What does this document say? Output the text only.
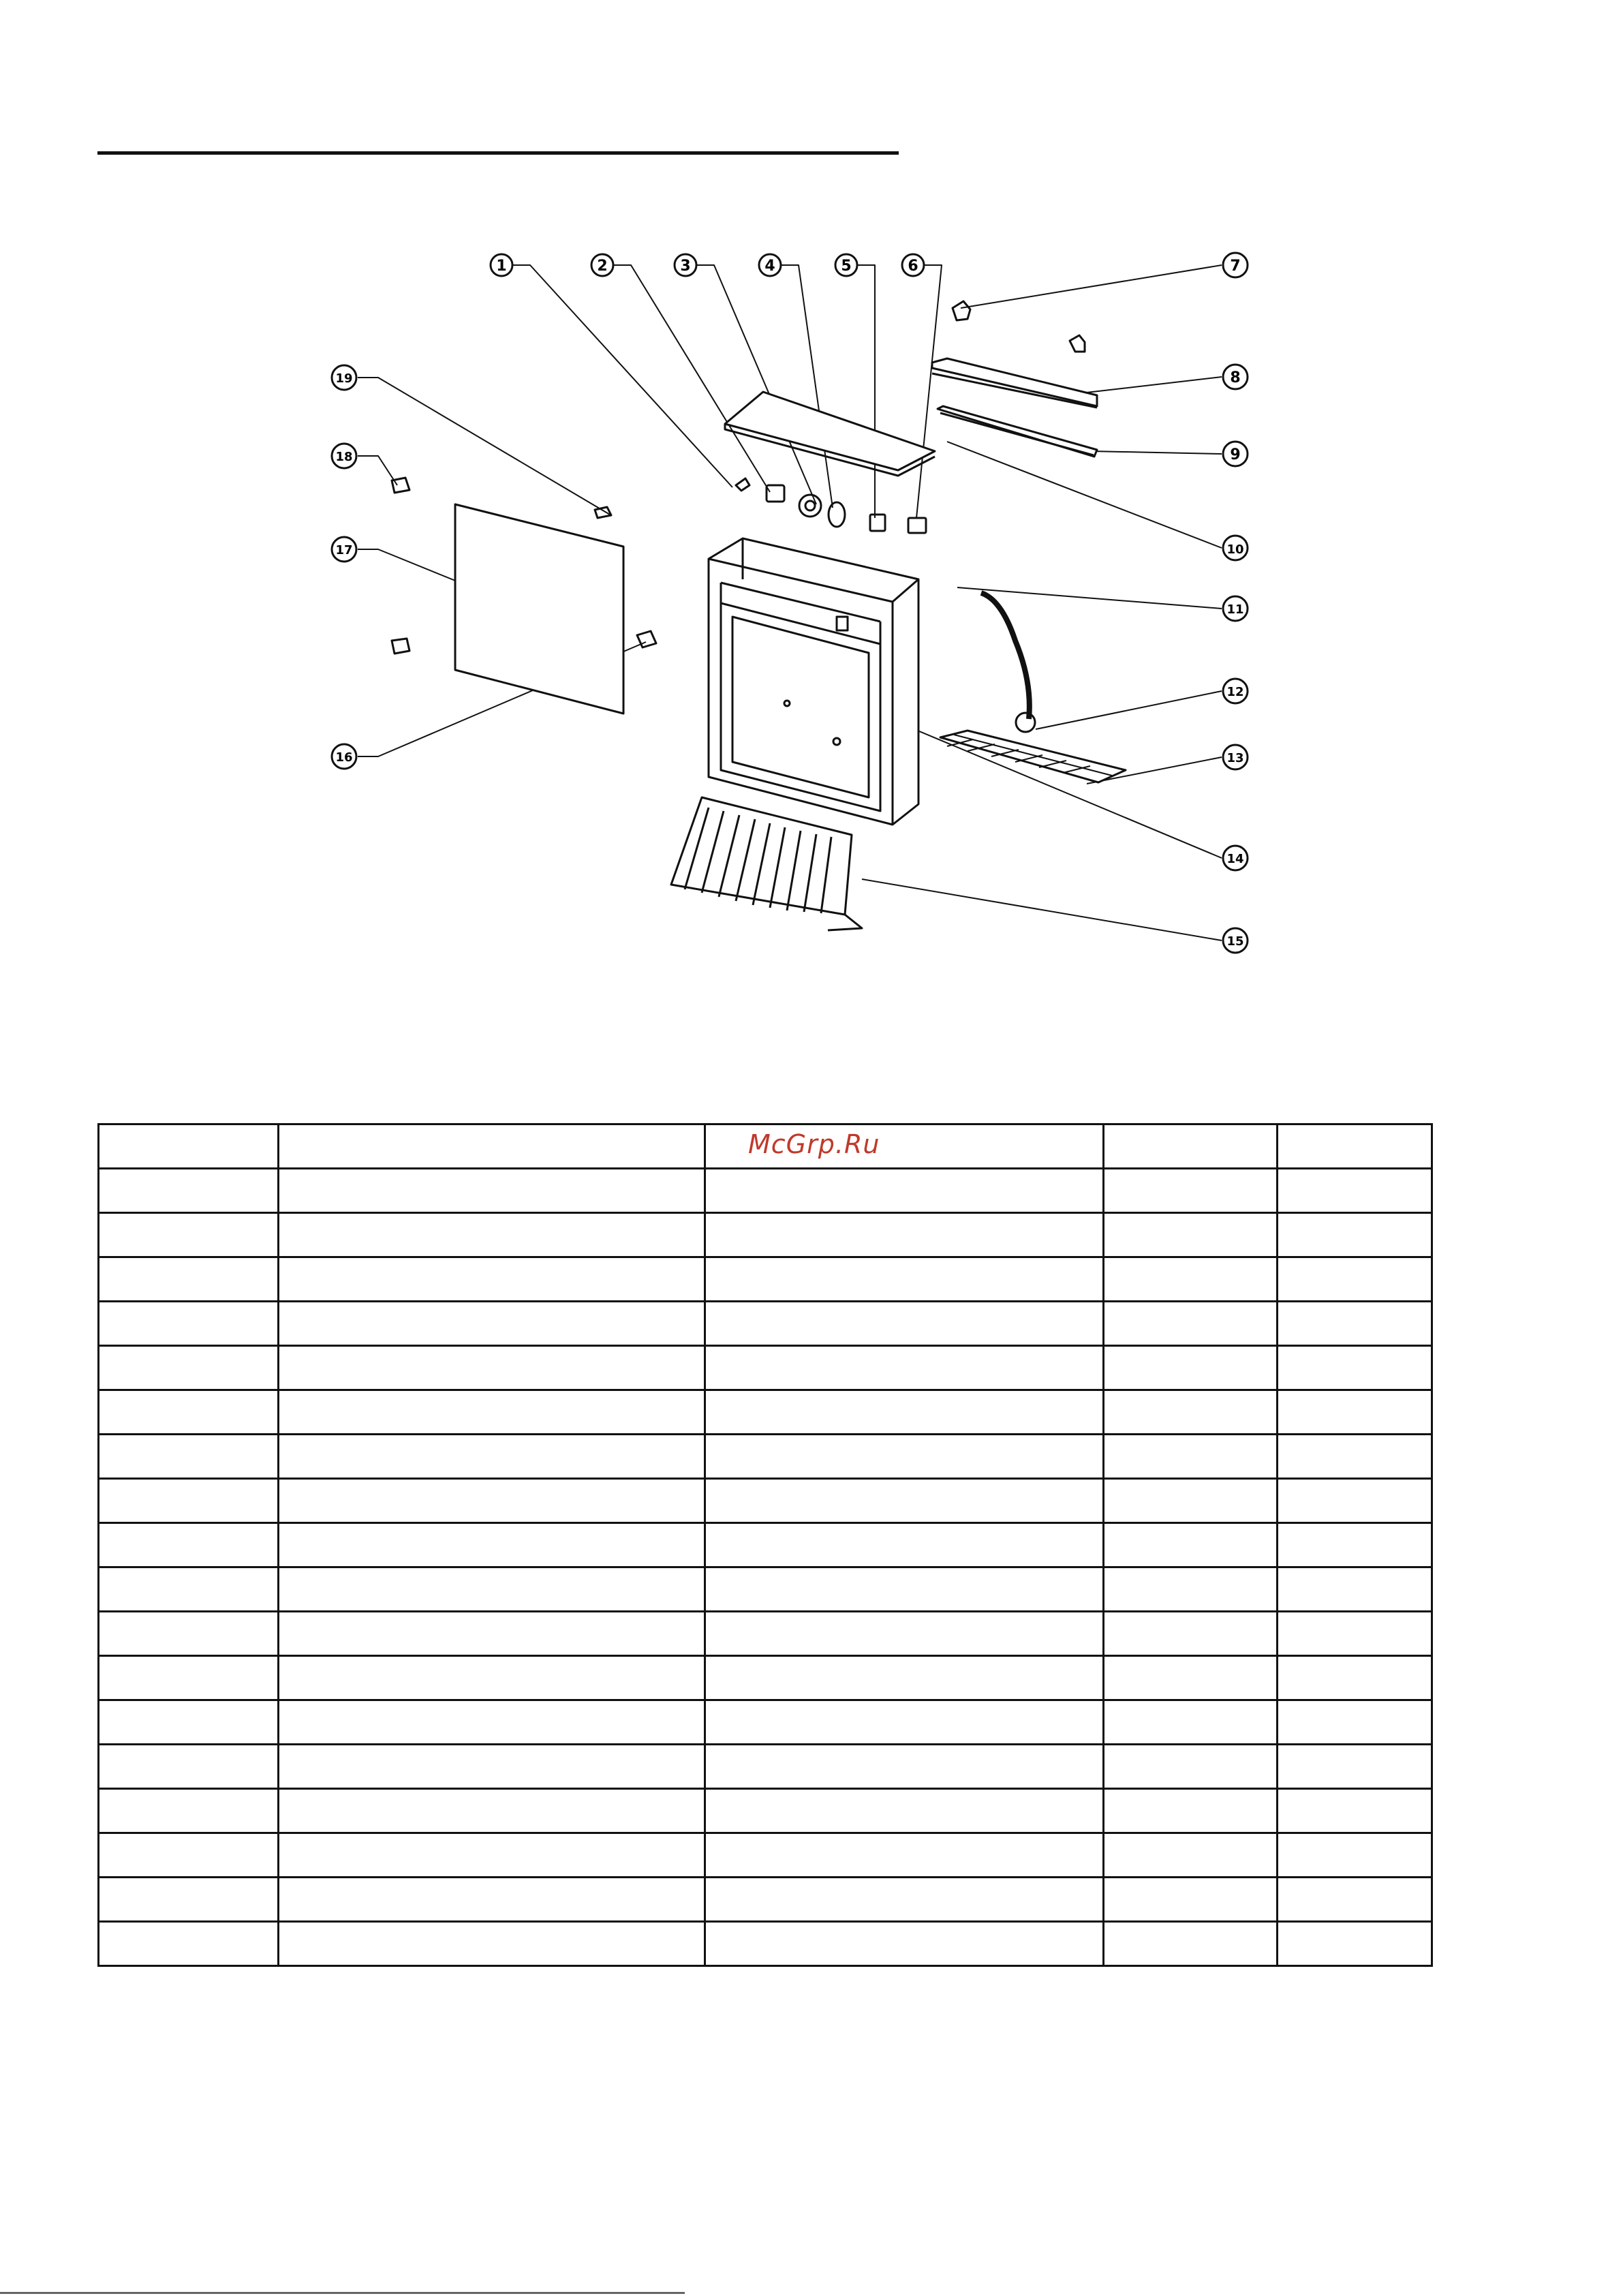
1	2	3	4	5	6	7
8
9
10
11
12
13
14
15
16
17
18
19

McGrp.Ru
